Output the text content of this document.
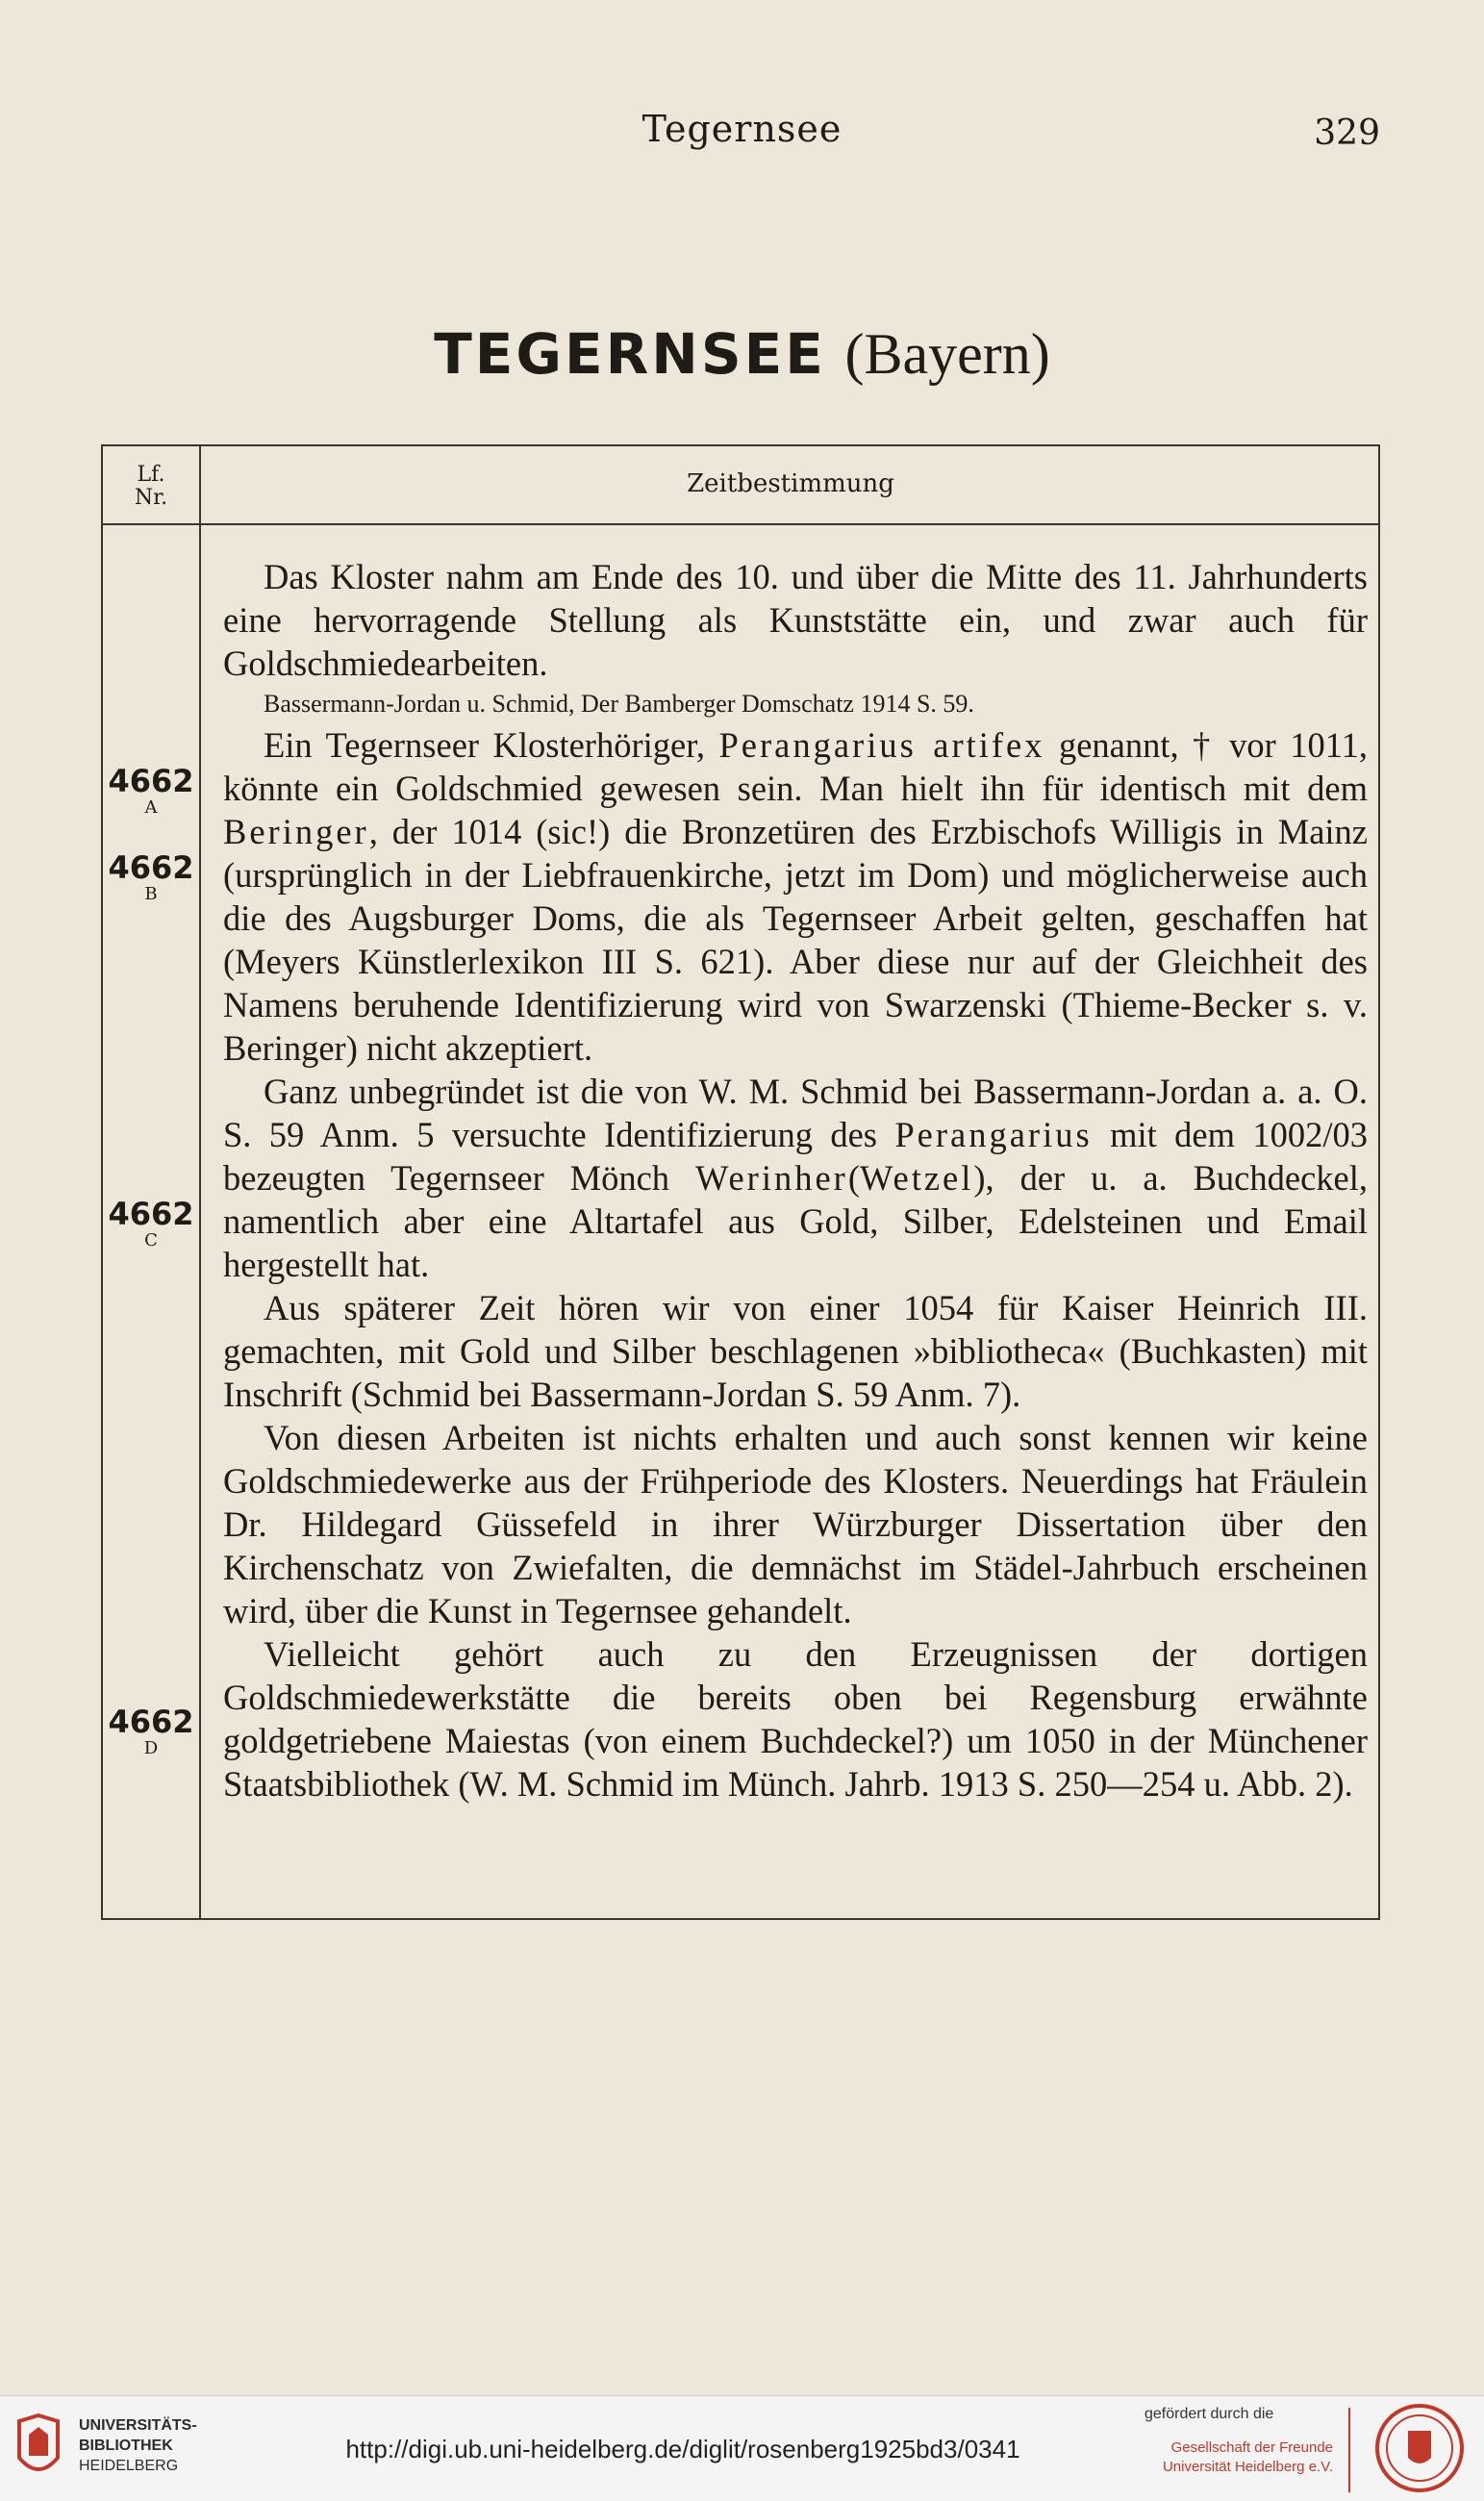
Tegernsee	329
TEGERNSEE (Bayern)
Lf.
Nr.	Zeitbestimmung
4662
A
4662
B
4662
C
4662
D

Das Kloster nahm am Ende des 10. und über die Mitte des 11. Jahrhunderts eine hervorragende Stellung als Kunststätte ein, und zwar auch für Goldschmiedearbeiten.

Bassermann-Jordan u. Schmid, Der Bamberger Domschatz 1914 S. 59.

Ein Tegernseer Klosterhöriger, Perangarius artifex genannt, † vor 1011, könnte ein Goldschmied gewesen sein. Man hielt ihn für identisch mit dem Beringer, der 1014 (sic!) die Bronzetüren des Erzbischofs Willigis in Mainz (ursprünglich in der Liebfrauenkirche, jetzt im Dom) und möglicherweise auch die des Augsburger Doms, die als Tegernseer Arbeit gelten, geschaffen hat (Meyers Künstlerlexikon III S. 621). Aber diese nur auf der Gleichheit des Namens beruhende Identifizierung wird von Swarzenski (Thieme-Becker s. v. Beringer) nicht akzeptiert.

Ganz unbegründet ist die von W. M. Schmid bei Bassermann-Jordan a. a. O. S. 59 Anm. 5 versuchte Identifizierung des Perangarius mit dem 1002/03 bezeugten Tegernseer Mönch Werinher(Wetzel), der u. a. Buchdeckel, namentlich aber eine Altartafel aus Gold, Silber, Edelsteinen und Email hergestellt hat.

Aus späterer Zeit hören wir von einer 1054 für Kaiser Heinrich III. gemachten, mit Gold und Silber beschlagenen »bibliotheca« (Buchkasten) mit Inschrift (Schmid bei Bassermann-Jordan S. 59 Anm. 7).

Von diesen Arbeiten ist nichts erhalten und auch sonst kennen wir keine Goldschmiedewerke aus der Frühperiode des Klosters. Neuerdings hat Fräulein Dr. Hildegard Güssefeld in ihrer Würzburger Dissertation über den Kirchenschatz von Zwiefalten, die demnächst im Städel-Jahrbuch erscheinen wird, über die Kunst in Tegernsee gehandelt.

Vielleicht gehört auch zu den Erzeugnissen der dortigen Goldschmiedewerkstätte die bereits oben bei Regensburg erwähnte goldgetriebene Maiestas (von einem Buchdeckel?) um 1050 in der Münchener Staatsbibliothek (W. M. Schmid im Münch. Jahrb. 1913 S. 250—254 u. Abb. 2).

UNIVERSITÄTS-
BIBLIOTHEK
HEIDELBERG
http://digi.ub.uni-heidelberg.de/diglit/rosenberg1925bd3/0341
gefördert durch die
Gesellschaft der Freunde
Universität Heidelberg e.V.
